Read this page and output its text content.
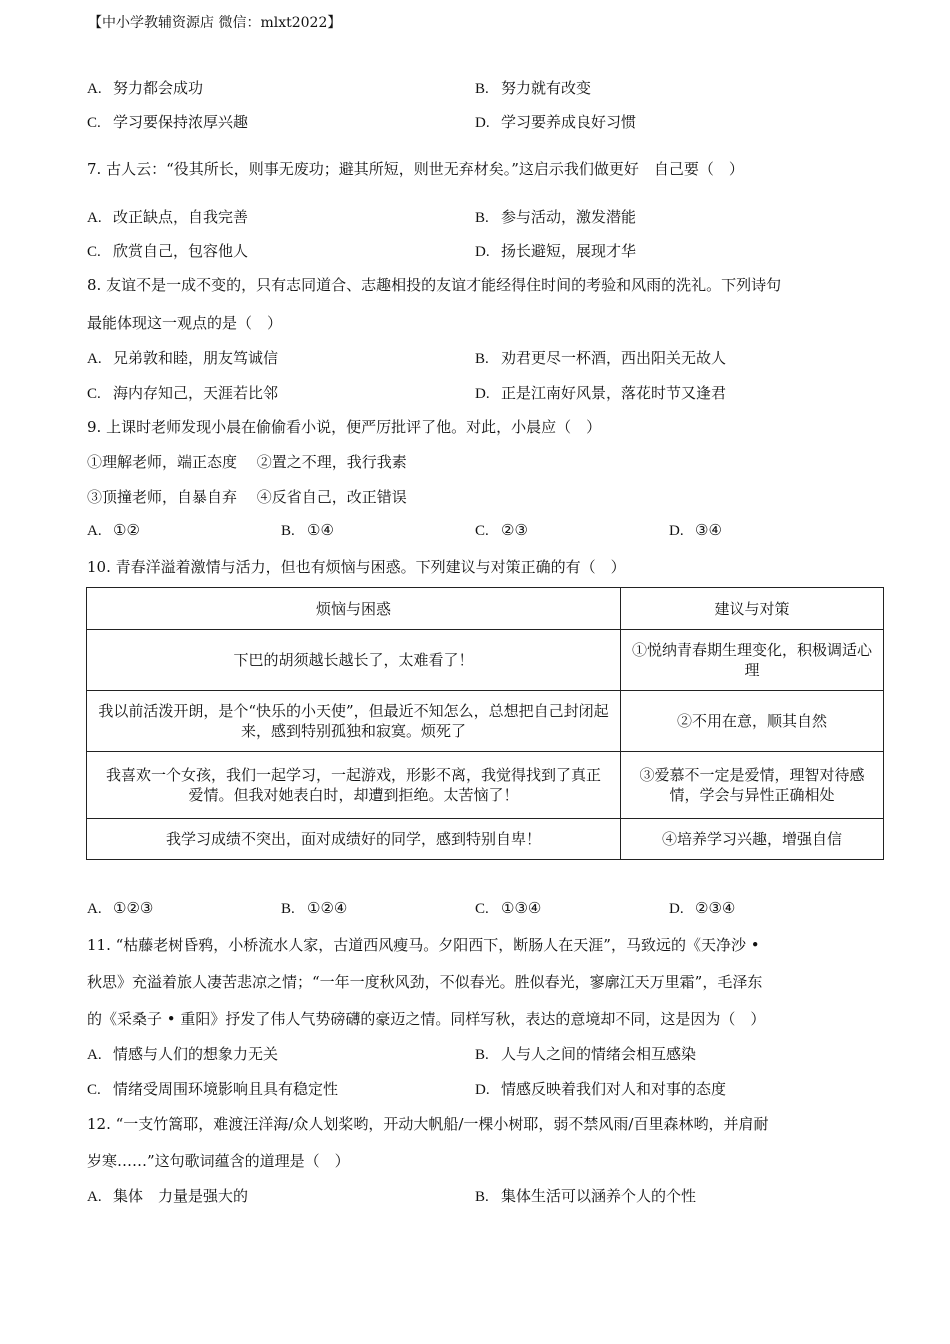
【中小学教辅资源店 微信：mlxt2022】
A. 努力都会成功	B. 努力就有改变
C. 学习要保持浓厚兴趣	D. 学习要养成良好习惯
7. 古人云：“役其所长，则事无废功；避其所短，则世无弃材矣。”这启示我们做更好　自己要（　）
A. 改正缺点，自我完善	B. 参与活动，激发潜能
C. 欣赏自己，包容他人	D. 扬长避短，展现才华
8. 友谊不是一成不变的，只有志同道合、志趣相投的友谊才能经得住时间的考验和风雨的洗礼。下列诗句
最能体现这一观点的是（　）
A. 兄弟敦和睦，朋友笃诚信	B. 劝君更尽一杯酒，西出阳关无故人
C. 海内存知己，天涯若比邻	D. 正是江南好风景，落花时节又逢君
9. 上课时老师发现小晨在偷偷看小说，便严厉批评了他。对此，小晨应（　）
①理解老师，端正态度　 ②置之不理，我行我素
③顶撞老师，自暴自弃　 ④反省自己，改正错误
A. ①②	B. ①④	C. ②③	D. ③④
10. 青春洋溢着激情与活力，但也有烦恼与困惑。下列建议与对策正确的有（　）
烦恼与困惑	建议与对策
下巴的胡须越长越长了，太难看了！	①悦纳青春期生理变化，积极调适心理
我以前活泼开朗，是个“快乐的小天使”，但最近不知怎么，总想把自己封闭起来，感到特别孤独和寂寞。烦死了	②不用在意，顺其自然
我喜欢一个女孩，我们一起学习，一起游戏，形影不离，我觉得找到了真正　爱情。但我对她表白时，却遭到拒绝。太苦恼了！	③爱慕不一定是爱情，理智对待感情，学会与异性正确相处
我学习成绩不突出，面对成绩好的同学，感到特别自卑！	④培养学习兴趣，增强自信
A. ①②③	B. ①②④	C. ①③④	D. ②③④
11. “枯藤老树昏鸦，小桥流水人家，古道西风瘦马。夕阳西下，断肠人在天涯”，马致远的《天净沙 •
秋思》充溢着旅人凄苦悲凉之情；“一年一度秋风劲，不似春光。胜似春光，寥廓江天万里霜”，毛泽东
的《采桑子 • 重阳》抒发了伟人气势磅礴的豪迈之情。同样写秋，表达的意境却不同，这是因为（　）
A. 情感与人们的想象力无关	B. 人与人之间的情绪会相互感染
C. 情绪受周围环境影响且具有稳定性	D. 情感反映着我们对人和对事的态度
12. “一支竹篙耶，难渡汪洋海/众人划桨哟，开动大帆船/一棵小树耶，弱不禁风雨/百里森林哟，并肩耐
岁寒……”这句歌词蕴含的道理是（　）
A. 集体　力量是强大的	B. 集体生活可以涵养个人的个性
